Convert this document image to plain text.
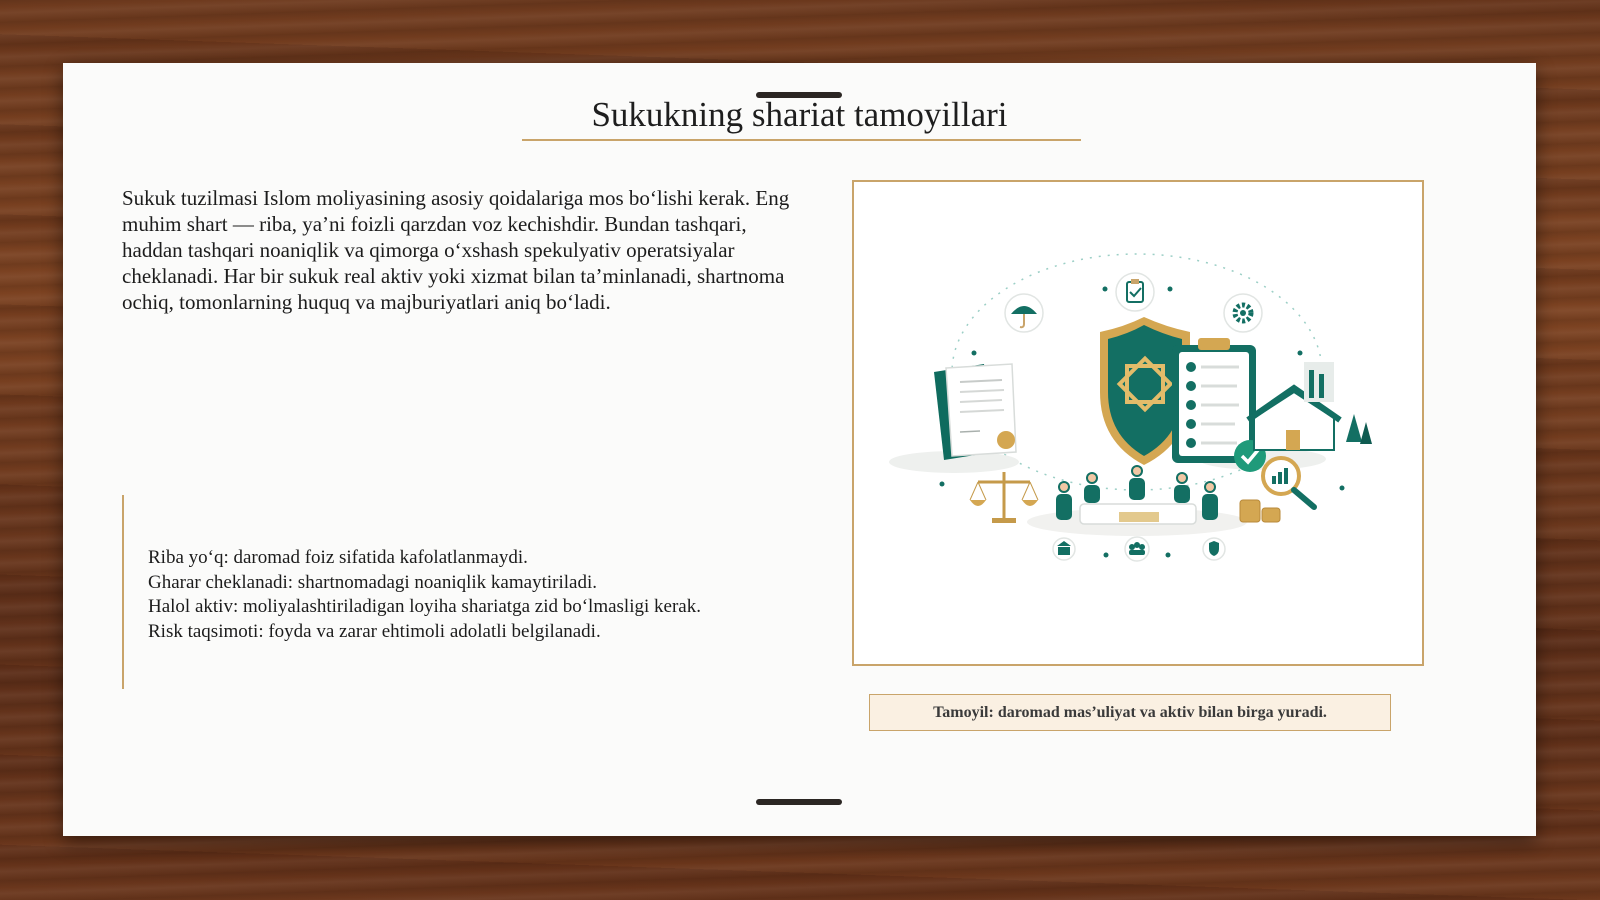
Sukukning shariat tamoyillari

Sukuk tuzilmasi Islom moliyasining asosiy qoidalariga mos bo‘lishi kerak. Eng muhim shart — riba, ya’ni foizli qarzdan voz kechishdir. Bundan tashqari, haddan tashqari noaniqlik va qimorga o‘xshash spekulyativ operatsiyalar cheklanadi. Har bir sukuk real aktiv yoki xizmat bilan ta’minlanadi, shartnoma ochiq, tomonlarning huquq va majburiyatlari aniq bo‘ladi.

Riba yo‘q: daromad foiz sifatida kafolatlanmaydi.
Gharar cheklanadi: shartnomadagi noaniqlik kamaytiriladi.
Halol aktiv: moliyalashtiriladigan loyiha shariatga zid bo‘lmasligi kerak.
Risk taqsimoti: foyda va zarar ehtimoli adolatli belgilanadi.
Tamoyil: daromad mas’uliyat va aktiv bilan birga yuradi.
